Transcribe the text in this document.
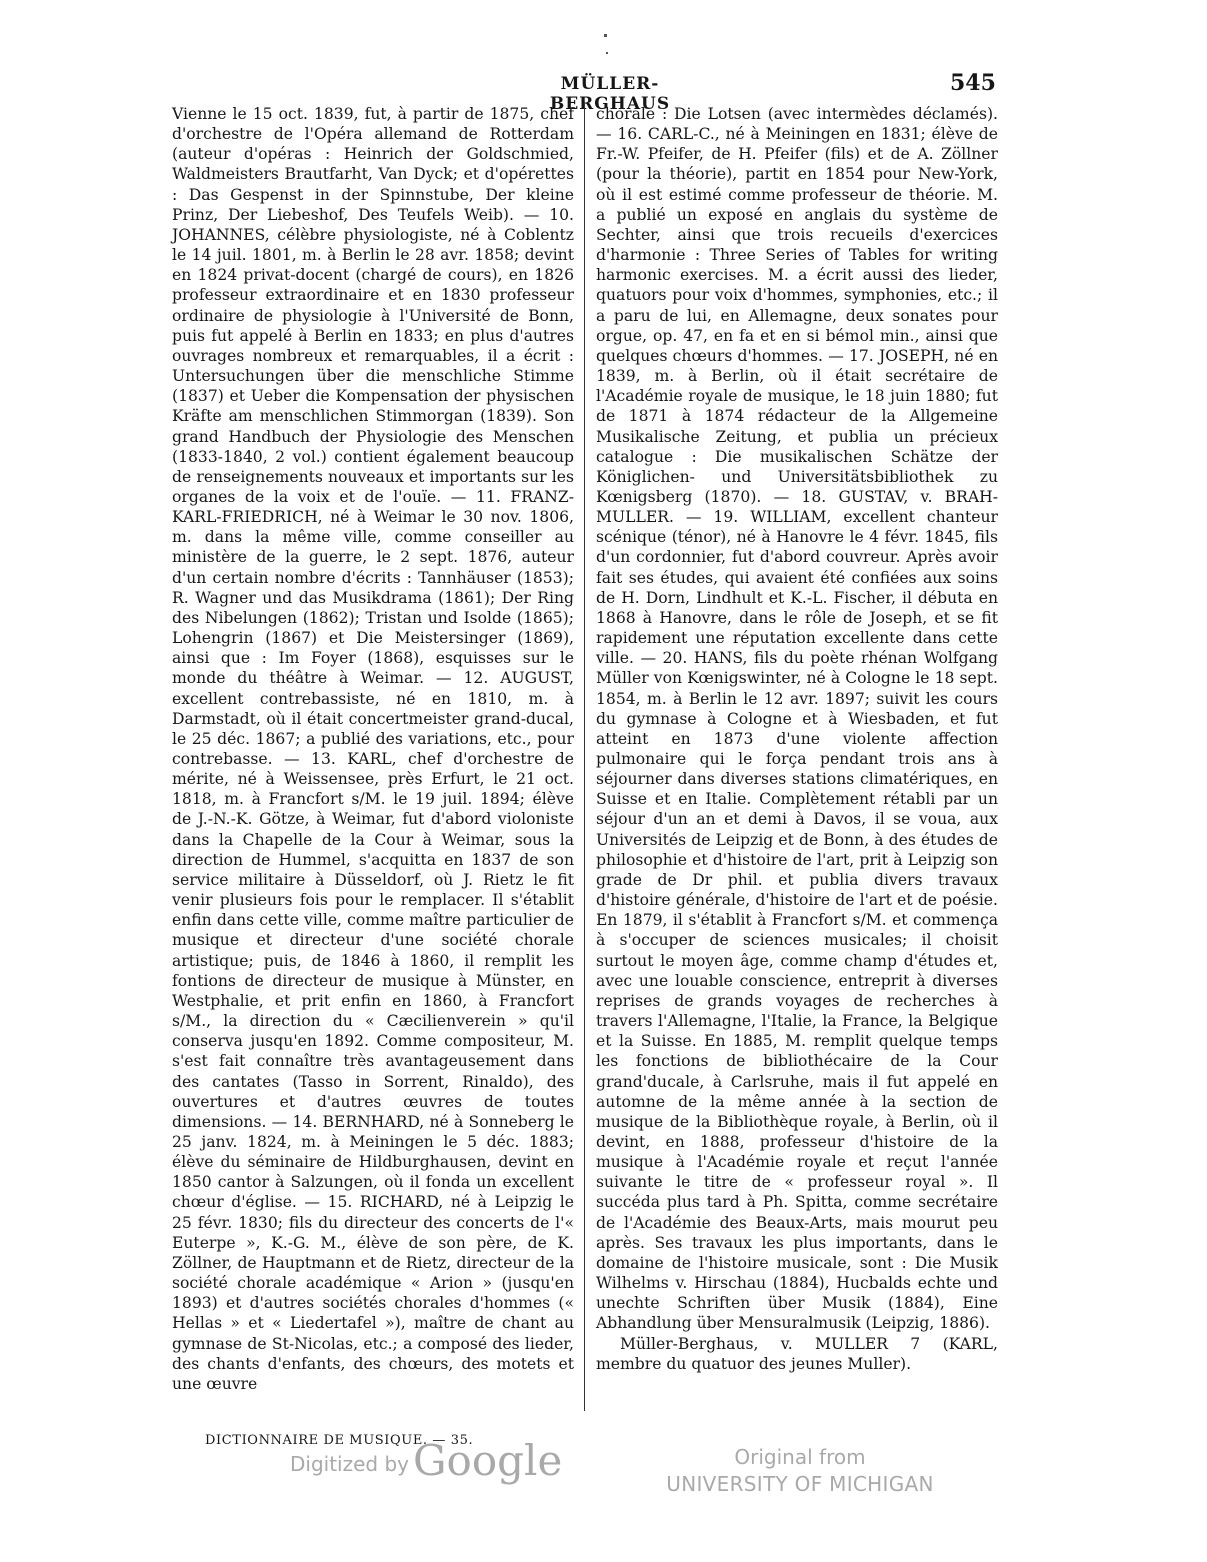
MÜLLER-BERGHAUS
545

Vienne le 15 oct. 1839, fut, à partir de 1875, chef d'orchestre de l'Opéra allemand de Rotterdam (auteur d'opéras : Heinrich der Goldschmied, Waldmeisters Brautfarht, Van Dyck; et d'opérettes : Das Gespenst in der Spinnstube, Der kleine Prinz, Der Liebeshof, Des Teufels Weib). — 10. JOHANNES, célèbre physiologiste, né à Coblentz le 14 juil. 1801, m. à Berlin le 28 avr. 1858; devint en 1824 privat-docent (chargé de cours), en 1826 professeur extraordinaire et en 1830 professeur ordinaire de physiologie à l'Université de Bonn, puis fut appelé à Berlin en 1833; en plus d'autres ouvrages nombreux et remarquables, il a écrit : Untersuchungen über die menschliche Stimme (1837) et Ueber die Kompensation der physischen Kräfte am menschlichen Stimmorgan (1839). Son grand Handbuch der Physiologie des Menschen (1833-1840, 2 vol.) contient également beaucoup de renseignements nouveaux et importants sur les organes de la voix et de l'ouïe. — 11. FRANZ-KARL-FRIEDRICH, né à Weimar le 30 nov. 1806, m. dans la même ville, comme conseiller au ministère de la guerre, le 2 sept. 1876, auteur d'un certain nombre d'écrits : Tannhäuser (1853); R. Wagner und das Musikdrama (1861); Der Ring des Nibelungen (1862); Tristan und Isolde (1865); Lohengrin (1867) et Die Meistersinger (1869), ainsi que : Im Foyer (1868), esquisses sur le monde du théâtre à Weimar. — 12. AUGUST, excellent contrebassiste, né en 1810, m. à Darmstadt, où il était concertmeister grand-ducal, le 25 déc. 1867; a publié des variations, etc., pour contrebasse. — 13. KARL, chef d'orchestre de mérite, né à Weissensee, près Erfurt, le 21 oct. 1818, m. à Francfort s/M. le 19 juil. 1894; élève de J.-N.-K. Götze, à Weimar, fut d'abord violoniste dans la Chapelle de la Cour à Weimar, sous la direction de Hummel, s'acquitta en 1837 de son service militaire à Düsseldorf, où J. Rietz le fit venir plusieurs fois pour le remplacer. Il s'établit enfin dans cette ville, comme maître particulier de musique et directeur d'une société chorale artistique; puis, de 1846 à 1860, il remplit les fontions de directeur de musique à Münster, en Westphalie, et prit enfin en 1860, à Francfort s/M., la direction du « Cæcilienverein » qu'il conserva jusqu'en 1892. Comme compositeur, M. s'est fait connaître très avantageusement dans des cantates (Tasso in Sorrent, Rinaldo), des ouvertures et d'autres œuvres de toutes dimensions. — 14. BERNHARD, né à Sonneberg le 25 janv. 1824, m. à Meiningen le 5 déc. 1883; élève du séminaire de Hildburghausen, devint en 1850 cantor à Salzungen, où il fonda un excellent chœur d'église. — 15. RICHARD, né à Leipzig le 25 févr. 1830; fils du directeur des concerts de l'« Euterpe », K.-G. M., élève de son père, de K. Zöllner, de Hauptmann et de Rietz, directeur de la société chorale académique « Arion » (jusqu'en 1893) et d'autres sociétés chorales d'hommes (« Hellas » et « Liedertafel »), maître de chant au gymnase de St-Nicolas, etc.; a composé des lieder, des chants d'enfants, des chœurs, des motets et une œuvre

chorale : Die Lotsen (avec intermèdes déclamés). — 16. CARL-C., né à Meiningen en 1831; élève de Fr.-W. Pfeifer, de H. Pfeifer (fils) et de A. Zöllner (pour la théorie), partit en 1854 pour New-York, où il est estimé comme professeur de théorie. M. a publié un exposé en anglais du système de Sechter, ainsi que trois recueils d'exercices d'harmonie : Three Series of Tables for writing harmonic exercises. M. a écrit aussi des lieder, quatuors pour voix d'hommes, symphonies, etc.; il a paru de lui, en Allemagne, deux sonates pour orgue, op. 47, en fa et en si bémol min., ainsi que quelques chœurs d'hommes. — 17. JOSEPH, né en 1839, m. à Berlin, où il était secrétaire de l'Académie royale de musique, le 18 juin 1880; fut de 1871 à 1874 rédacteur de la Allgemeine Musikalische Zeitung, et publia un précieux catalogue : Die musikalischen Schätze der Königlichen- und Universitätsbibliothek zu Kœnigsberg (1870). — 18. GUSTAV, v. BRAH-MULLER. — 19. WILLIAM, excellent chanteur scénique (ténor), né à Hanovre le 4 févr. 1845, fils d'un cordonnier, fut d'abord couvreur. Après avoir fait ses études, qui avaient été confiées aux soins de H. Dorn, Lindhult et K.-L. Fischer, il débuta en 1868 à Hanovre, dans le rôle de Joseph, et se fit rapidement une réputation excellente dans cette ville. — 20. HANS, fils du poète rhénan Wolfgang Müller von Kœnigswinter, né à Cologne le 18 sept. 1854, m. à Berlin le 12 avr. 1897; suivit les cours du gymnase à Cologne et à Wiesbaden, et fut atteint en 1873 d'une violente affection pulmonaire qui le força pendant trois ans à séjourner dans diverses stations climatériques, en Suisse et en Italie. Complètement rétabli par un séjour d'un an et demi à Davos, il se voua, aux Universités de Leipzig et de Bonn, à des études de philosophie et d'histoire de l'art, prit à Leipzig son grade de Dr phil. et publia divers travaux d'histoire générale, d'histoire de l'art et de poésie. En 1879, il s'établit à Francfort s/M. et commença à s'occuper de sciences musicales; il choisit surtout le moyen âge, comme champ d'études et, avec une louable conscience, entreprit à diverses reprises de grands voyages de recherches à travers l'Allemagne, l'Italie, la France, la Belgique et la Suisse. En 1885, M. remplit quelque temps les fonctions de bibliothécaire de la Cour grand'ducale, à Carlsruhe, mais il fut appelé en automne de la même année à la section de musique de la Bibliothèque royale, à Berlin, où il devint, en 1888, professeur d'histoire de la musique à l'Académie royale et reçut l'année suivante le titre de « professeur royal ». Il succéda plus tard à Ph. Spitta, comme secrétaire de l'Académie des Beaux-Arts, mais mourut peu après. Ses travaux les plus importants, dans le domaine de l'histoire musicale, sont : Die Musik Wilhelms v. Hirschau (1884), Hucbalds echte und unechte Schriften über Musik (1884), Eine Abhandlung über Mensuralmusik (Leipzig, 1886).

Müller-Berghaus, v. MULLER 7 (KARL, membre du quatuor des jeunes Muller).

DICTIONNAIRE DE MUSIQUE. — 35.
Digitized by Google	Original from
UNIVERSITY OF MICHIGAN
